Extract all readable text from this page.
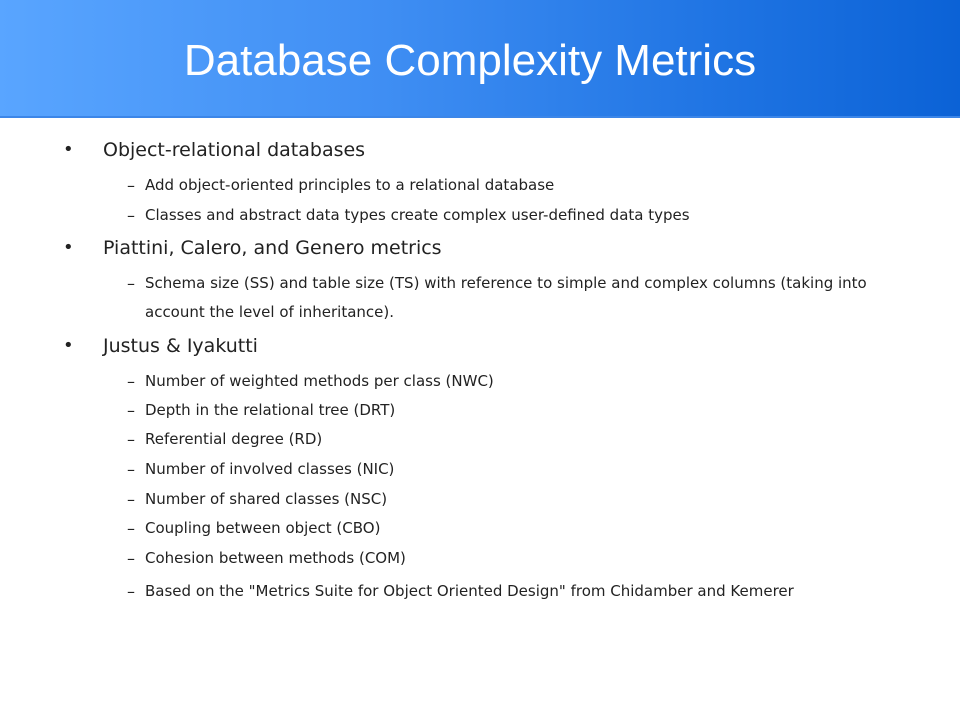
Database Complexity Metrics
• Object-relational databases
– Add object-oriented principles to a relational database
– Classes and abstract data types create complex user-defined data types
• Piattini, Calero, and Genero metrics
– Schema size (SS) and table size (TS) with reference to simple and complex columns (taking into account the level of inheritance).
• Justus & Iyakutti
– Number of weighted methods per class (NWC)
– Depth in the relational tree (DRT)
– Referential degree (RD)
– Number of involved classes (NIC)
– Number of shared classes (NSC)
– Coupling between object (CBO)
– Cohesion between methods (COM)
– Based on the "Metrics Suite for Object Oriented Design" from Chidamber and Kemerer
